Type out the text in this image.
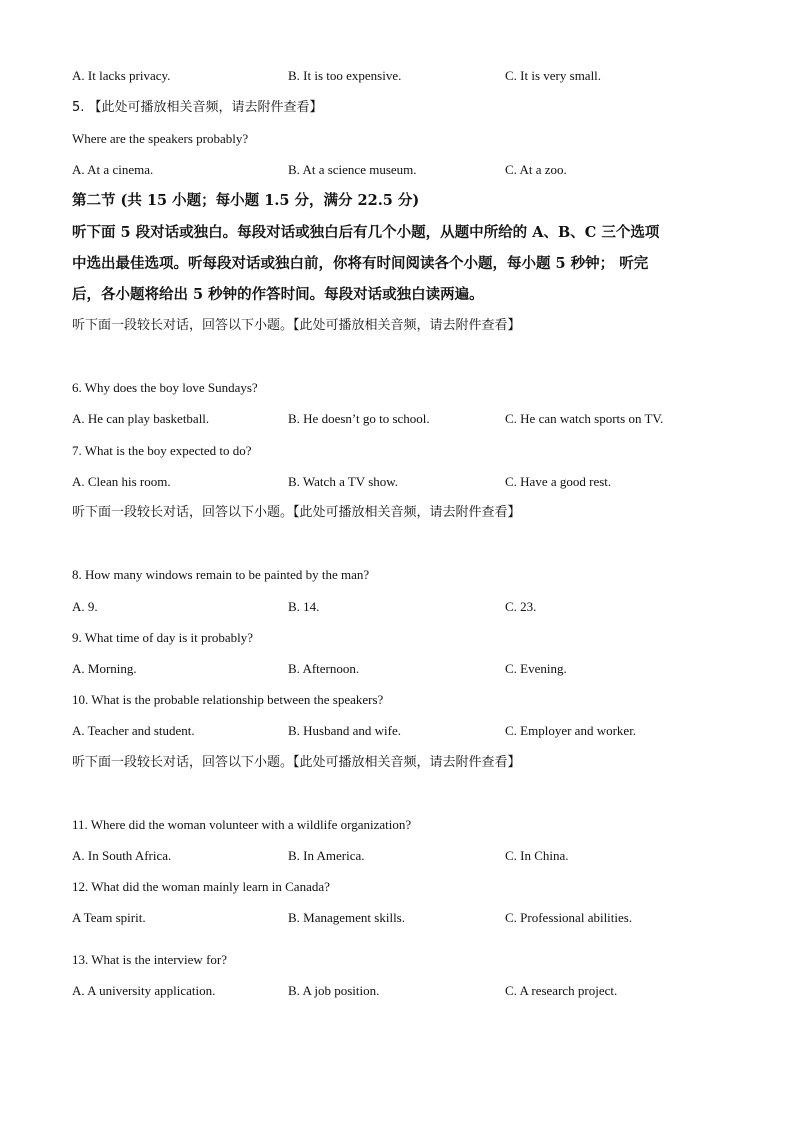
A. It lacks privacy.	B. It is too expensive.	C. It is very small.
5. 【此处可播放相关音频，请去附件查看】
Where are the speakers probably?
A. At a cinema.	B. At a science museum.	C. At a zoo.
第二节 (共 15 小题；每小题 1.5 分，满分 22.5 分)
听下面 5 段对话或独白。每段对话或独白后有几个小题，从题中所给的 A、B、C 三个选项
中选出最佳选项。听每段对话或独白前，你将有时间阅读各个小题，每小题 5 秒钟； 听完
后，各小题将给出 5 秒钟的作答时间。每段对话或独白读两遍。
听下面一段较长对话，回答以下小题。【此处可播放相关音频，请去附件查看】
6. Why does the boy love Sundays?
A. He can play basketball.	B. He doesn’t go to school.	C. He can watch sports on TV.
7. What is the boy expected to do?
A. Clean his room.	B. Watch a TV show.	C. Have a good rest.
听下面一段较长对话，回答以下小题。【此处可播放相关音频，请去附件查看】
8. How many windows remain to be painted by the man?
A. 9.	B. 14.	C. 23.
9. What time of day is it probably?
A. Morning.	B. Afternoon.	C. Evening.
10. What is the probable relationship between the speakers?
A. Teacher and student.	B. Husband and wife.	C. Employer and worker.
听下面一段较长对话，回答以下小题。【此处可播放相关音频，请去附件查看】
11. Where did the woman volunteer with a wildlife organization?
A. In South Africa.	B. In America.	C. In China.
12. What did the woman mainly learn in Canada?
A Team spirit.	B. Management skills.	C. Professional abilities.
13. What is the interview for?
A. A university application.	B. A job position.	C. A research project.
